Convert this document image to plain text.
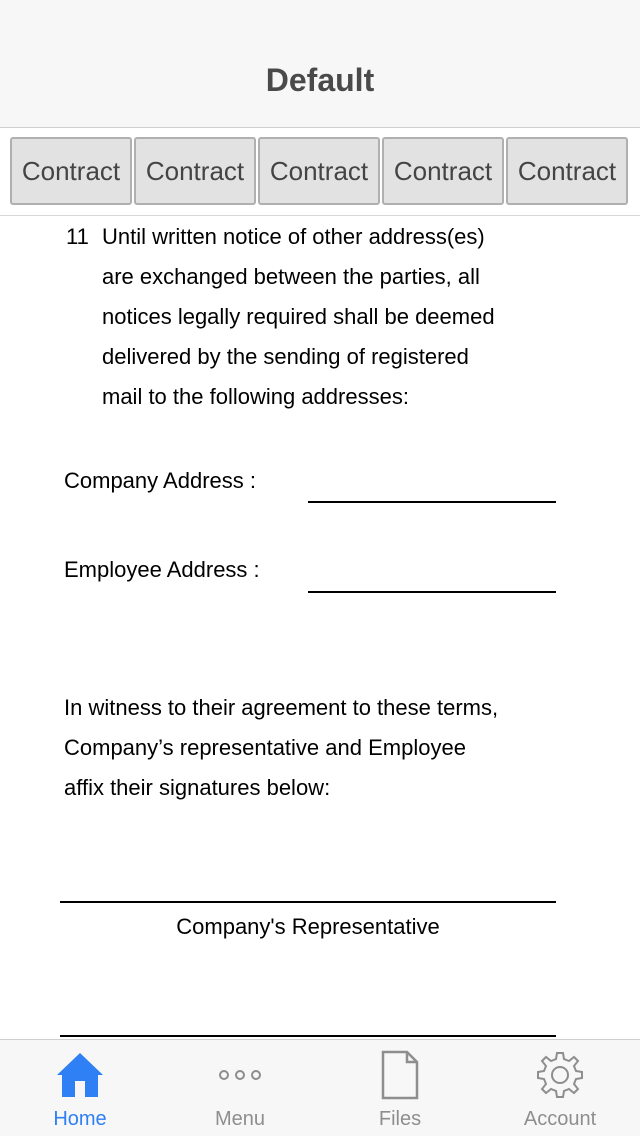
Default
Contract Contract Contract Contract Contract
11 Until written notice of other address(es)
are exchanged between the parties, all
notices legally required shall be deemed
delivered by the sending of registered
mail to the following addresses:
Company Address :
Employee Address :
In witness to their agreement to these terms,
Company’s representative and Employee
affix their signatures below:
Company's Representative
Home	Menu	Files	Account
